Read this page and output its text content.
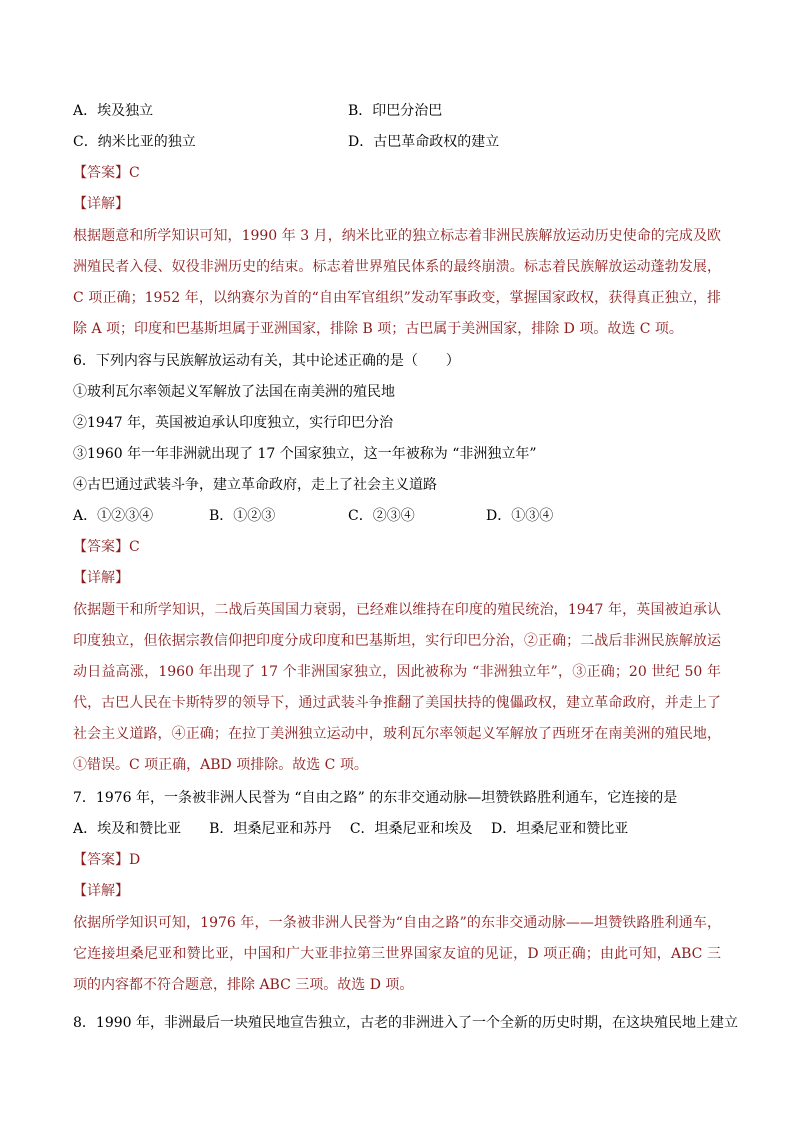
A．埃及独立	B．印巴分治巴
C．纳米比亚的独立	D．古巴革命政权的建立
【答案】C
【详解】
根据题意和所学知识可知，1990 年 3 月，纳米比亚的独立标志着非洲民族解放运动历史使命的完成及欧洲殖民者入侵、奴役非洲历史的结束。标志着世界殖民体系的最终崩溃。标志着民族解放运动蓬勃发展，C 项正确；1952 年，以纳赛尔为首的“自由军官组织”发动军事政变，掌握国家政权，获得真正独立，排除 A 项；印度和巴基斯坦属于亚洲国家，排除 B 项；古巴属于美洲国家，排除 D 项。故选 C 项。
6．下列内容与民族解放运动有关，其中论述正确的是（　　）
①玻利瓦尔率领起义军解放了法国在南美洲的殖民地
②1947 年，英国被迫承认印度独立，实行印巴分治
③1960 年一年非洲就出现了 17 个国家独立，这一年被称为 “非洲独立年”
④古巴通过武装斗争，建立革命政府，走上了社会主义道路
A．①②③④	B．①②③	C．②③④	D．①③④
【答案】C
【详解】
依据题干和所学知识，二战后英国国力衰弱，已经难以维持在印度的殖民统治，1947 年，英国被迫承认印度独立，但依据宗教信仰把印度分成印度和巴基斯坦，实行印巴分治，②正确；二战后非洲民族解放运动日益高涨，1960 年出现了 17 个非洲国家独立，因此被称为 “非洲独立年”，③正确；20 世纪 50 年代，古巴人民在卡斯特罗的领导下，通过武装斗争推翻了美国扶持的傀儡政权，建立革命政府，并走上了社会主义道路，④正确；在拉丁美洲独立运动中，玻利瓦尔率领起义军解放了西班牙在南美洲的殖民地，①错误。C 项正确，ABD 项排除。故选 C 项。
7．1976 年，一条被非洲人民誉为 “自由之路” 的东非交通动脉—坦赞铁路胜利通车，它连接的是
A．埃及和赞比亚　　B．坦桑尼亚和苏丹　 C．坦桑尼亚和埃及　 D．坦桑尼亚和赞比亚
【答案】D
【详解】
依据所学知识可知，1976 年，一条被非洲人民誉为“自由之路”的东非交通动脉——坦赞铁路胜利通车，它连接坦桑尼亚和赞比亚，中国和广大亚非拉第三世界国家友谊的见证，D 项正确；由此可知，ABC 三项的内容都不符合题意，排除 ABC 三项。故选 D 项。
8．1990 年，非洲最后一块殖民地宣告独立，古老的非洲进入了一个全新的历史时期，在这块殖民地上建立
